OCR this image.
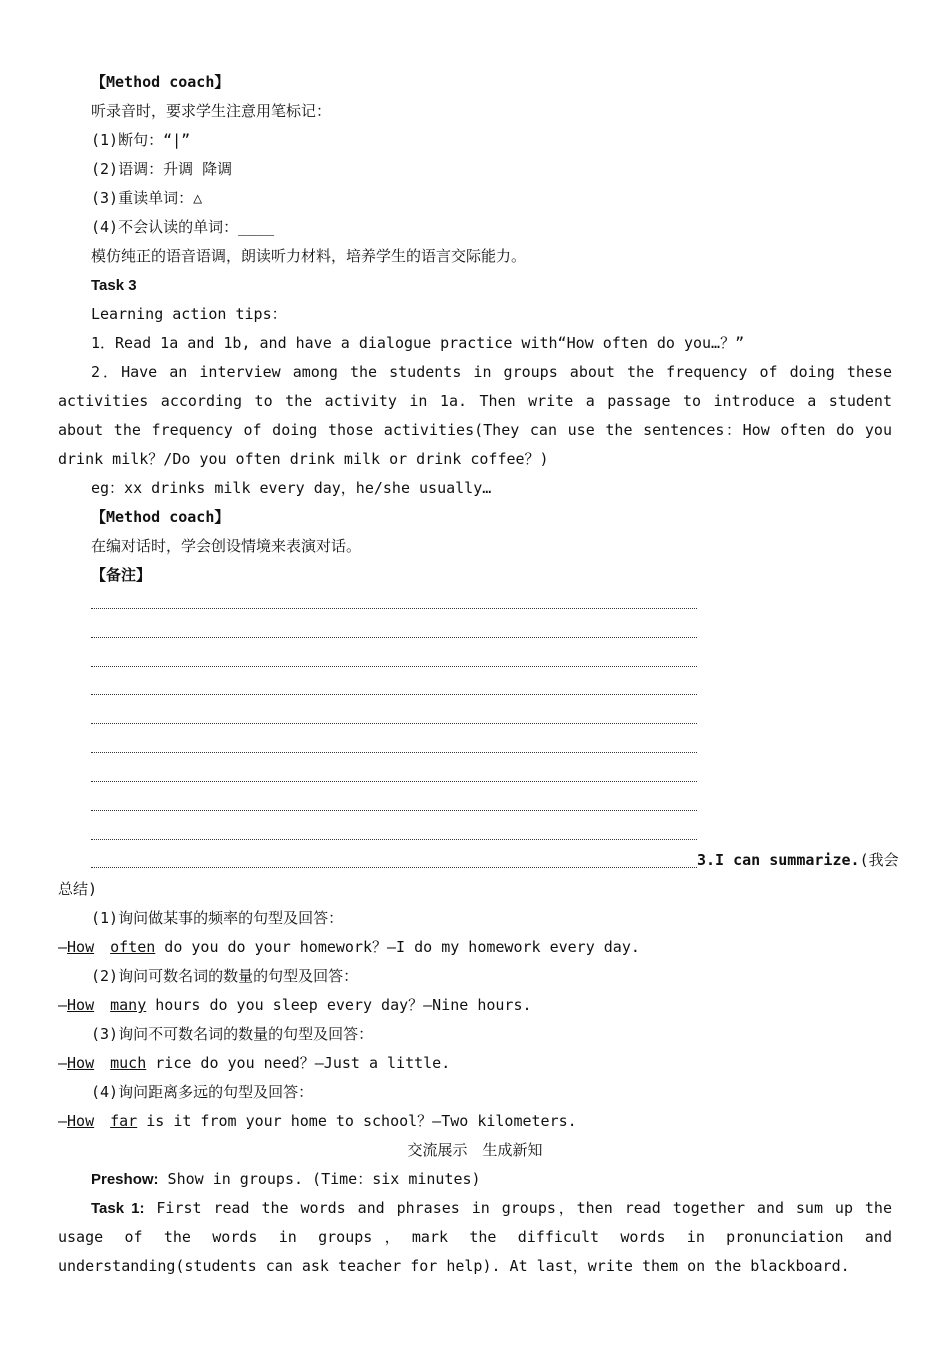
【Method coach】
听录音时，要求学生注意用笔标记：
(1)断句：“|”
(2)语调：升调 降调
(3)重读单词：△
(4)不会认读的单词：____
模仿纯正的语音语调，朗读听力材料，培养学生的语言交际能力。
Task 3
Learning action tips：
1．Read 1a and 1b, and have a dialogue practice with“How often do you…？”
2．Have an interview among the students in groups about the frequency of doing these activities according to the activity in 1a. Then write a passage to introduce a student about the frequency of doing those activities(They can use the sentences：How often do you drink milk？/Do you often drink milk or drink coffee？)
eg：xx drinks milk every day，he/she usually…
【Method coach】
在编对话时，学会创设情境来表演对话。
【备注】
3.I can summarize.(我会
总结)
(1)询问做某事的频率的句型及回答：
—How often do you do your homework？—I do my homework every day.
(2)询问可数名词的数量的句型及回答：
—How many hours do you sleep every day？—Nine hours.
(3)询问不可数名词的数量的句型及回答：
—How much rice do you need？—Just a little.
(4)询问距离多远的句型及回答：
—How far is it from your home to school？—Two kilometers.
交流展示　生成新知
Preshow: Show in groups. (Time：six minutes)
Task 1: First read the words and phrases in groups，then read together and sum up the usage of the words in groups，mark the difficult words in pronunciation and understanding(students can ask teacher for help). At last，write them on the blackboard.
